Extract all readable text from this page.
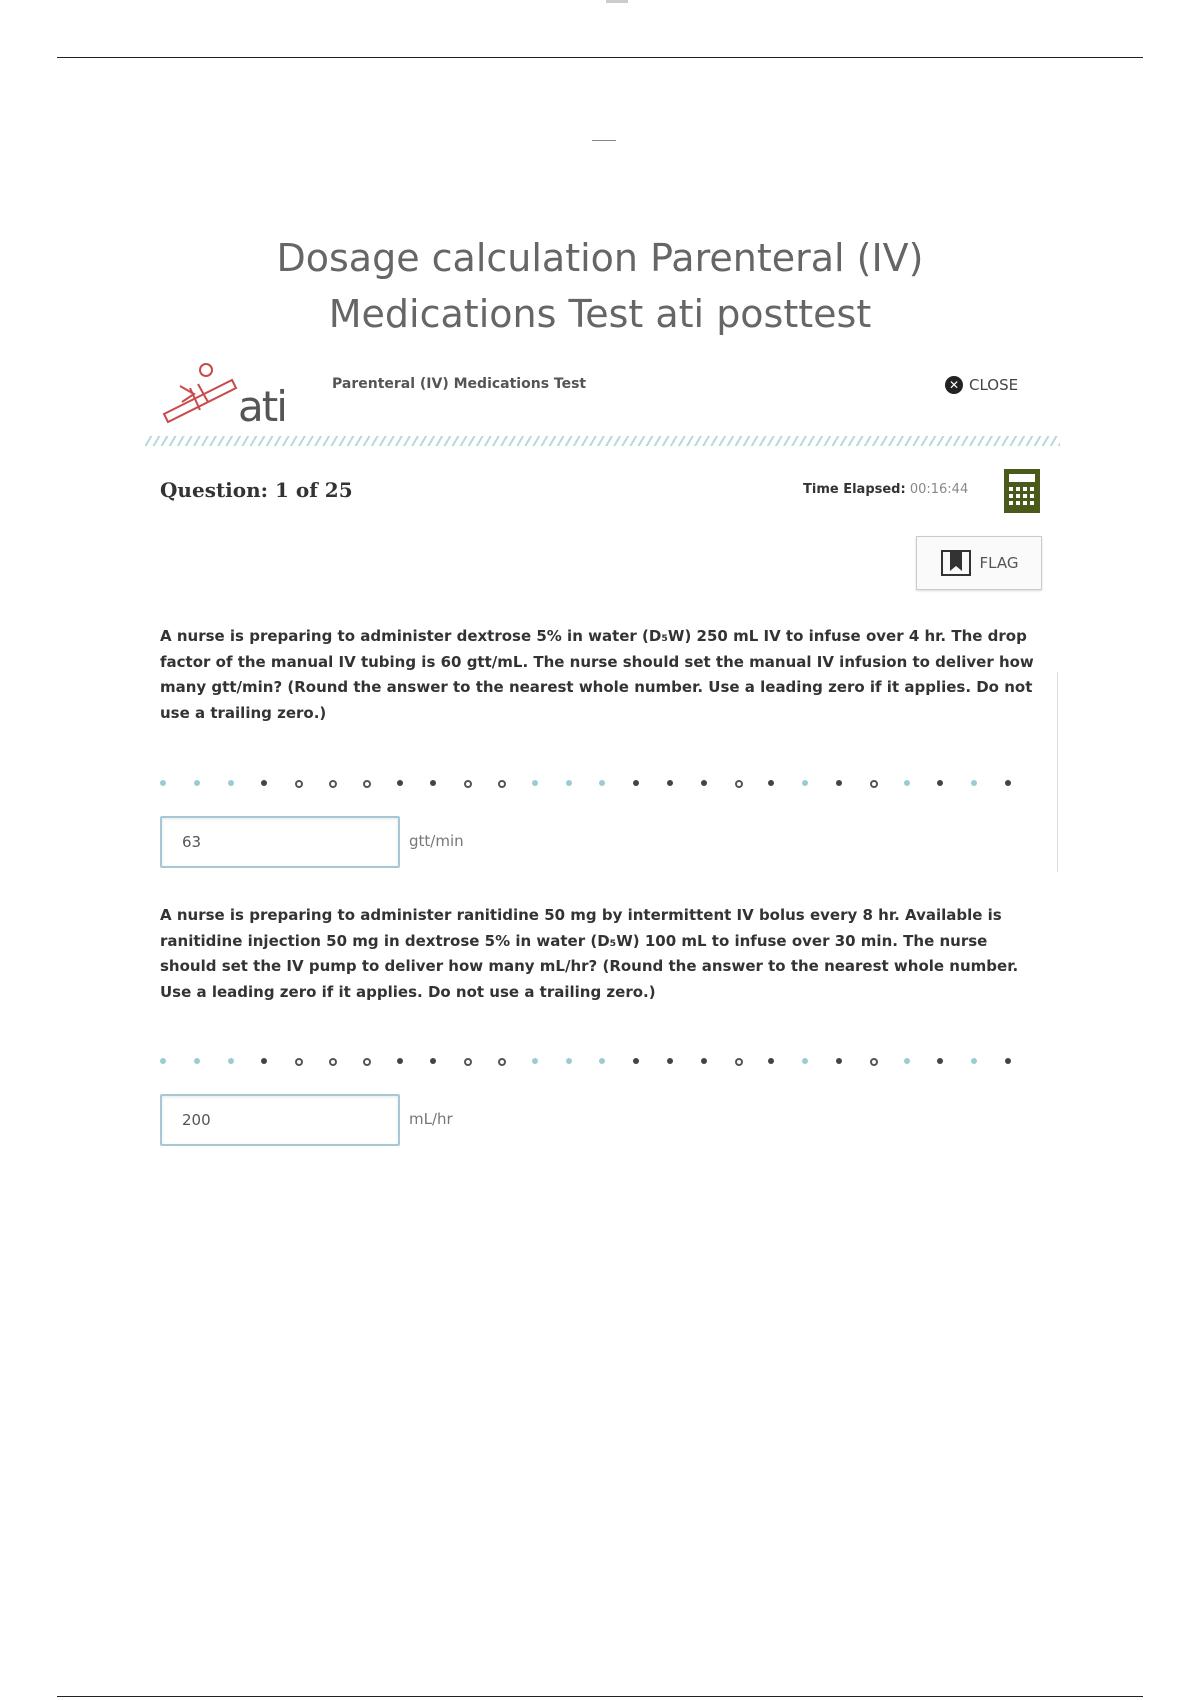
Dosage calculation Parenteral (IV)
Medications Test ati posttest
ati	Parenteral (IV) Medications Test	✕ CLOSE
Question: 1 of 25	Time Elapsed: 00:16:44
FLAG
A nurse is preparing to administer dextrose 5% in water (D₅W) 250 mL IV to infuse over 4 hr. The drop factor of the manual IV tubing is 60 gtt/mL. The nurse should set the manual IV infusion to deliver how many gtt/min? (Round the answer to the nearest whole number. Use a leading zero if it applies. Do not use a trailing zero.)
63
gtt/min
A nurse is preparing to administer ranitidine 50 mg by intermittent IV bolus every 8 hr. Available is ranitidine injection 50 mg in dextrose 5% in water (D₅W) 100 mL to infuse over 30 min. The nurse should set the IV pump to deliver how many mL/hr? (Round the answer to the nearest whole number. Use a leading zero if it applies. Do not use a trailing zero.)
200
mL/hr
